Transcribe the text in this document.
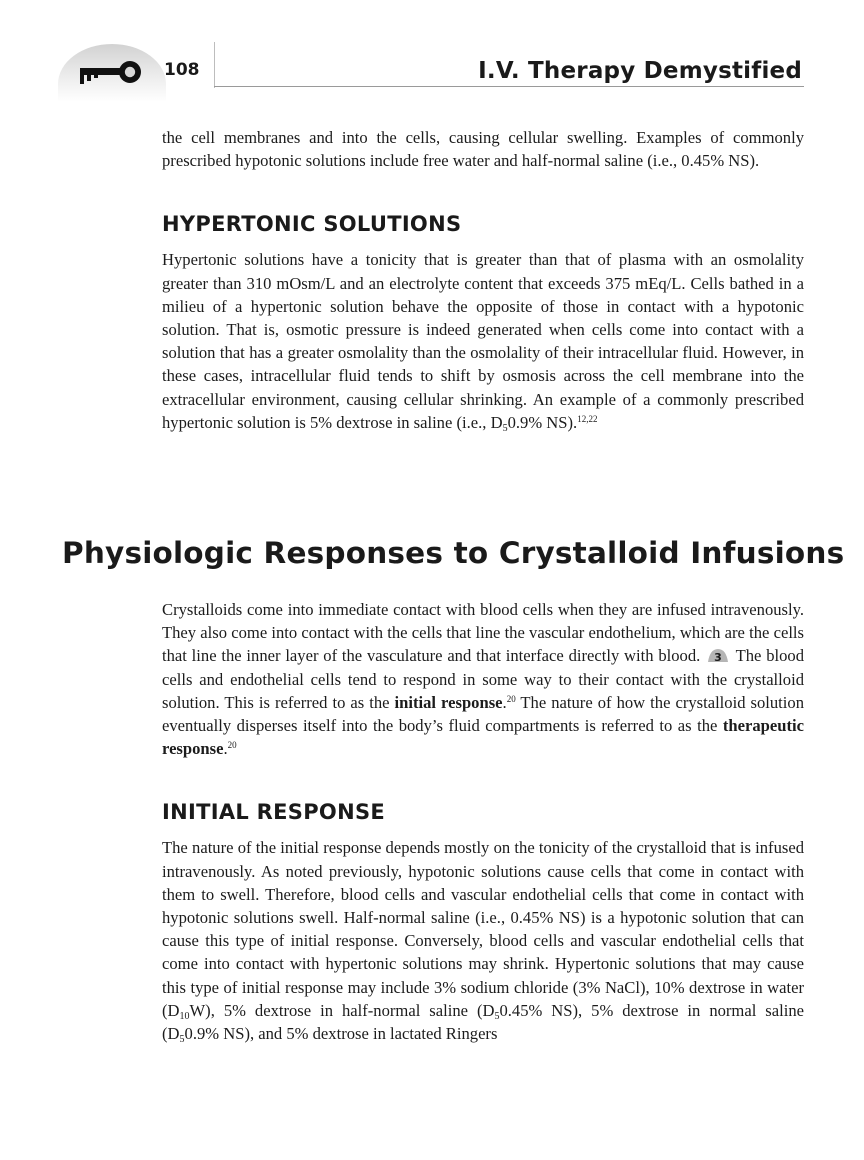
108	I.V. Therapy Demystified

the cell membranes and into the cells, causing cellular swelling. Examples of commonly prescribed hypotonic solutions include free water and half-normal saline (i.e., 0.45% NS).

HYPERTONIC SOLUTIONS

Hypertonic solutions have a tonicity that is greater than that of plasma with an osmolality greater than 310 mOsm/L and an electrolyte content that exceeds 375 mEq/L. Cells bathed in a milieu of a hypertonic solution behave the opposite of those in contact with a hypotonic solution. That is, osmotic pressure is indeed generated when cells come into contact with a solution that has a greater osmolality than the osmolality of their intracellular fluid. However, in these cases, intracellular fluid tends to shift by osmosis across the cell membrane into the extracellular environment, causing cellular shrinking. An example of a commonly prescribed hypertonic solution is 5% dextrose in saline (i.e., $D_50.9\%$ NS).$^{12,22}$

Physiologic Responses to Crystalloid Infusions

Crystalloids come into immediate contact with blood cells when they are infused intravenously. They also come into contact with the cells that line the vascular endothelium, which are the cells that line the inner layer of the vasculature and that interface directly with blood. 3 The blood cells and endothelial cells tend to respond in some way to their contact with the crystalloid solution. This is referred to as the initial response.$^{20}$ The nature of how the crystalloid solution eventually disperses itself into the body’s fluid compartments is referred to as the therapeutic response.$^{20}$

INITIAL RESPONSE

The nature of the initial response depends mostly on the tonicity of the crystalloid that is infused intravenously. As noted previously, hypotonic solutions cause cells that come in contact with them to swell. Therefore, blood cells and vascular endothelial cells that come in contact with hypotonic solutions swell. Half-normal saline (i.e., 0.45% NS) is a hypotonic solution that can cause this type of initial response. Conversely, blood cells and vascular endothelial cells that come into contact with hypertonic solutions may shrink. Hypertonic solutions that may cause this type of initial response may include 3% sodium chloride (3% NaCl), 10% dextrose in water $(D_{10}W)$, 5% dextrose in half-normal saline ($D_50.45\%$ NS), 5% dextrose in normal saline ($D_50.9\%$ NS), and 5% dextrose in lactated Ringers
